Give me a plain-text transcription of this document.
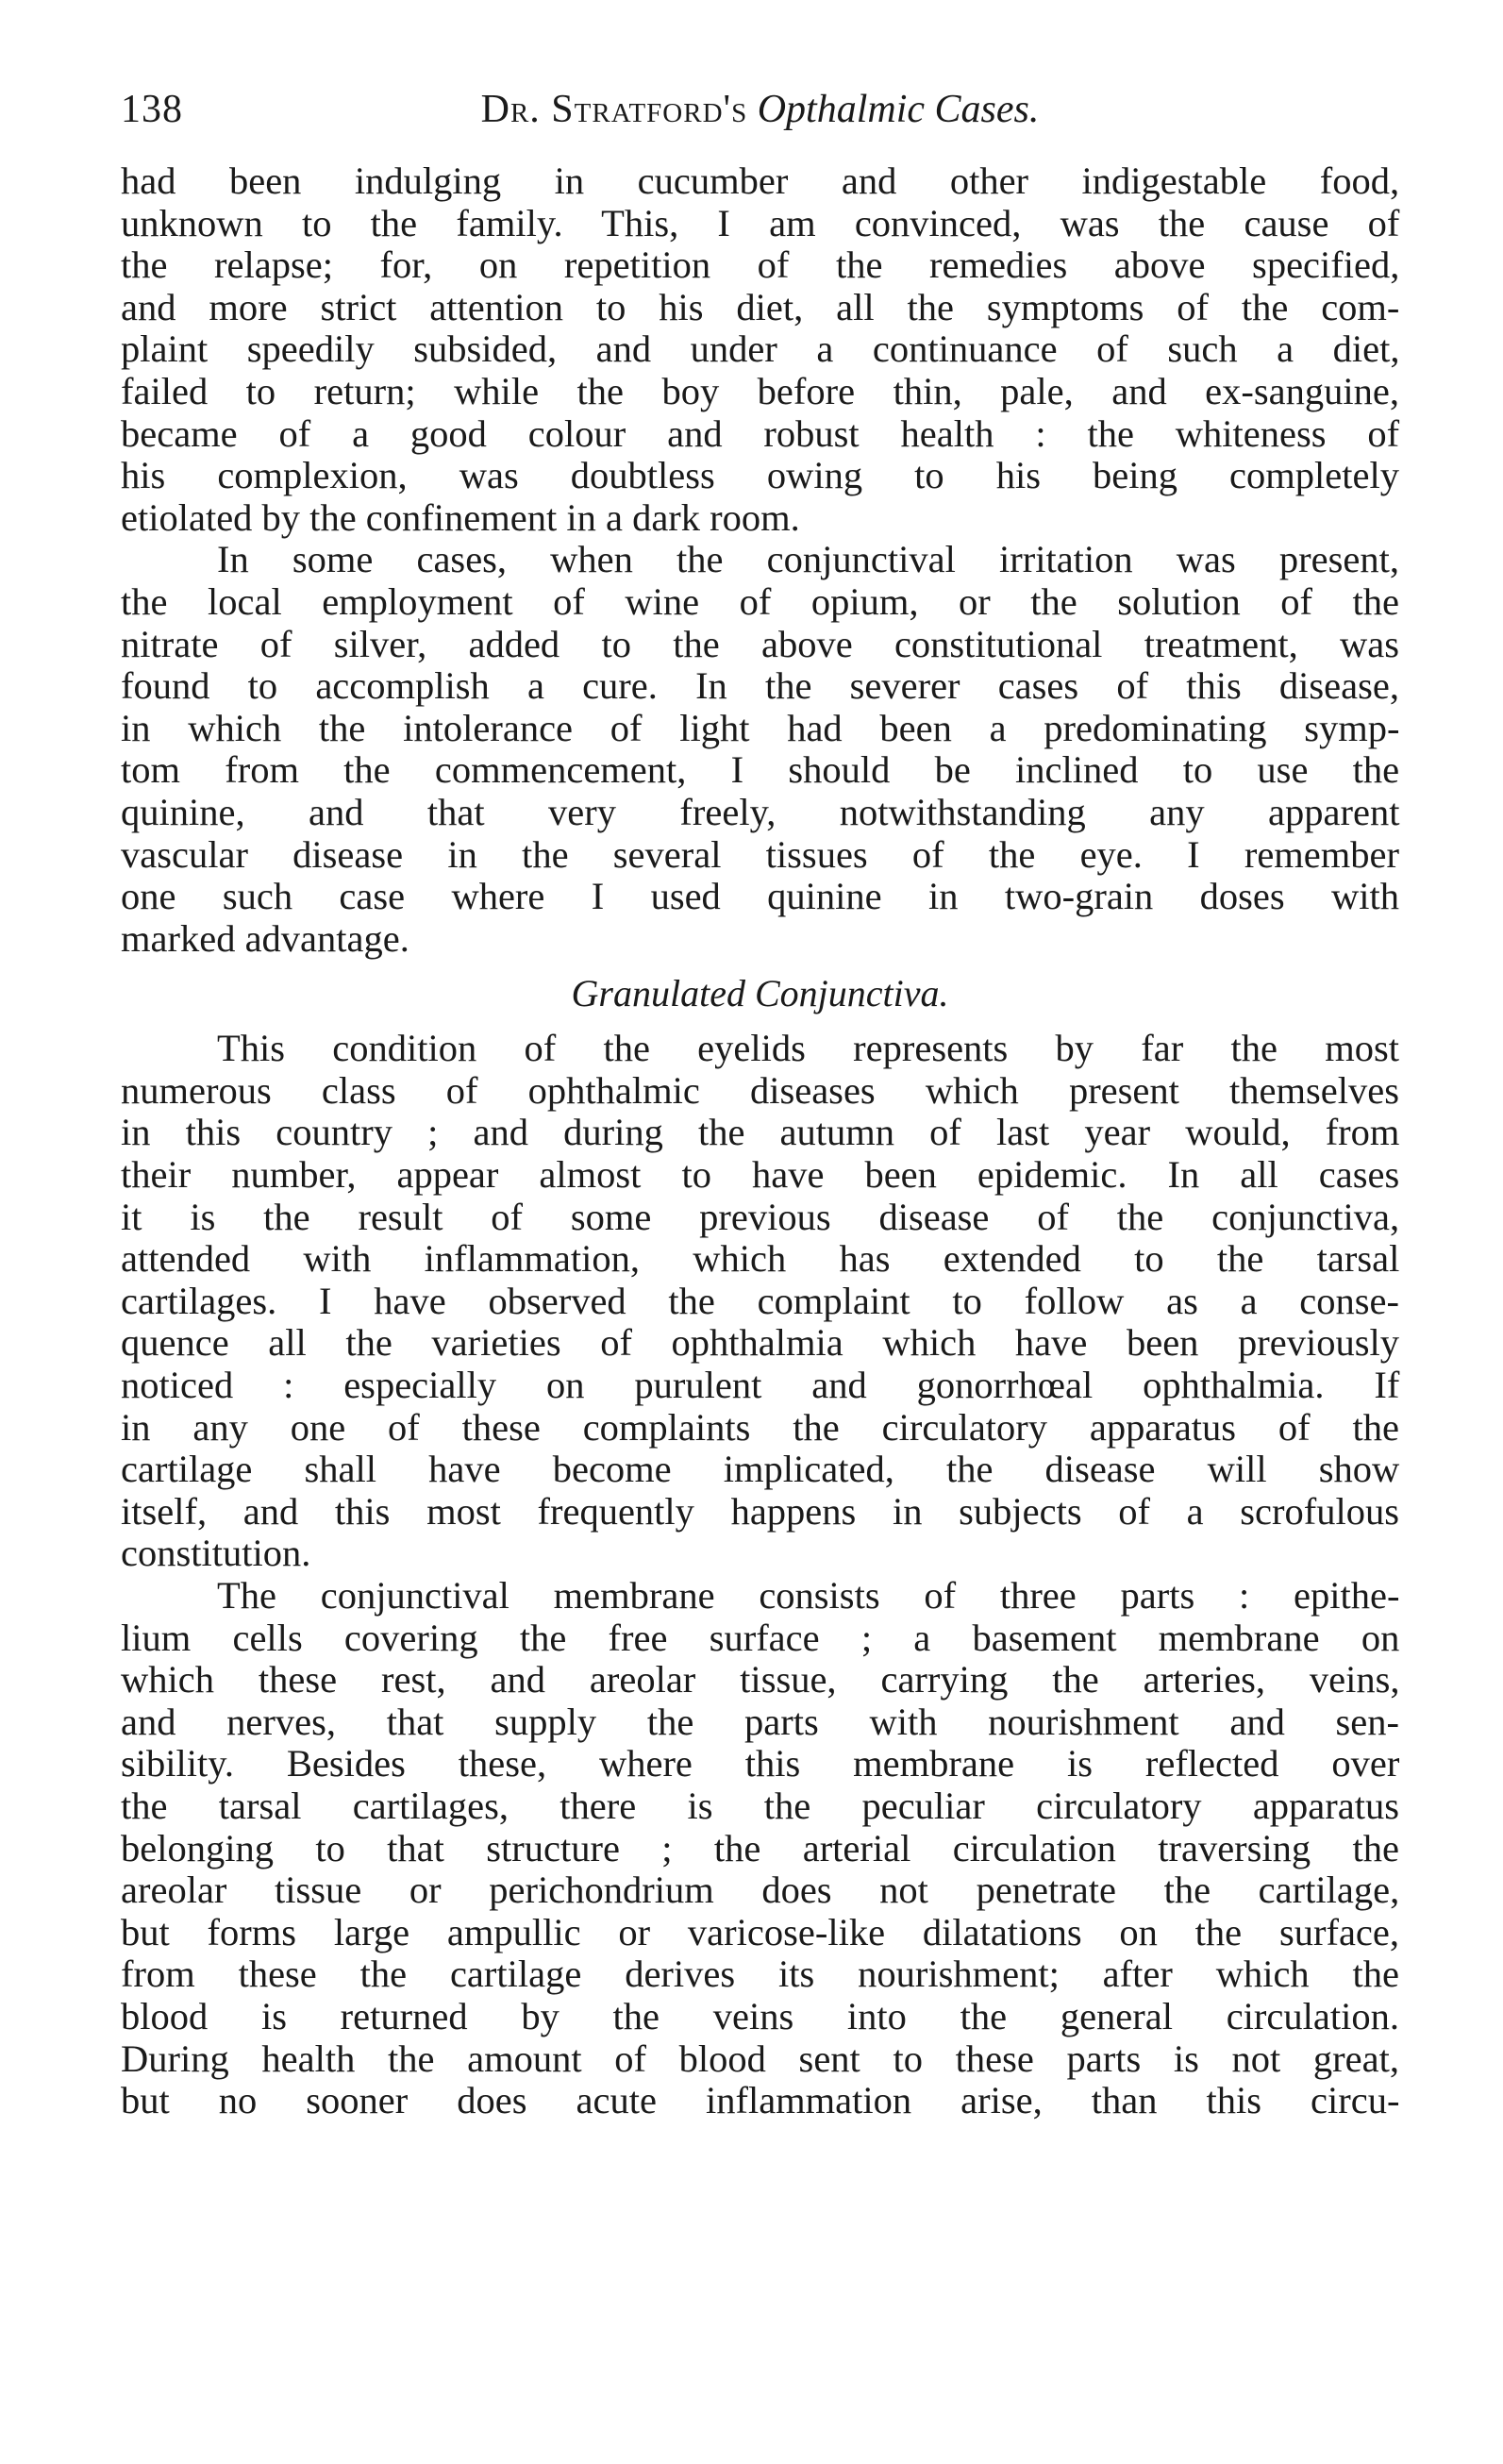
138	Dr. Stratford's Opthalmic Cases.

had been indulging in cucumber and other indigestable food,
unknown to the family. This, I am convinced, was the cause of
the relapse; for, on repetition of the remedies above specified,
and more strict attention to his diet, all the symptoms of the com-
plaint speedily subsided, and under a continuance of such a diet,
failed to return; while the boy before thin, pale, and ex-sanguine,
became of a good colour and robust health : the whiteness of
his complexion, was doubtless owing to his being completely
etiolated by the confinement in a dark room.

In some cases, when the conjunctival irritation was present,
the local employment of wine of opium, or the solution of the
nitrate of silver, added to the above constitutional treatment, was
found to accomplish a cure. In the severer cases of this disease,
in which the intolerance of light had been a predominating symp-
tom from the commencement, I should be inclined to use the
quinine, and that very freely, notwithstanding any apparent
vascular disease in the several tissues of the eye. I remember
one such case where I used quinine in two-grain doses with
marked advantage.

Granulated Conjunctiva.

This condition of the eyelids represents by far the most
numerous class of ophthalmic diseases which present themselves
in this country ; and during the autumn of last year would, from
their number, appear almost to have been epidemic. In all cases
it is the result of some previous disease of the conjunctiva,
attended with inflammation, which has extended to the tarsal
cartilages. I have observed the complaint to follow as a conse-
quence all the varieties of ophthalmia which have been previously
noticed : especially on purulent and gonorrhœal ophthalmia. If
in any one of these complaints the circulatory apparatus of the
cartilage shall have become implicated, the disease will show
itself, and this most frequently happens in subjects of a scrofulous
constitution.

The conjunctival membrane consists of three parts : epithe-
lium cells covering the free surface ; a basement membrane on
which these rest, and areolar tissue, carrying the arteries, veins,
and nerves, that supply the parts with nourishment and sen-
sibility. Besides these, where this membrane is reflected over
the tarsal cartilages, there is the peculiar circulatory apparatus
belonging to that structure ; the arterial circulation traversing the
areolar tissue or perichondrium does not penetrate the cartilage,
but forms large ampullic or varicose-like dilatations on the surface,
from these the cartilage derives its nourishment; after which the
blood is returned by the veins into the general circulation.
During health the amount of blood sent to these parts is not great,
but no sooner does acute inflammation arise, than this circu-
